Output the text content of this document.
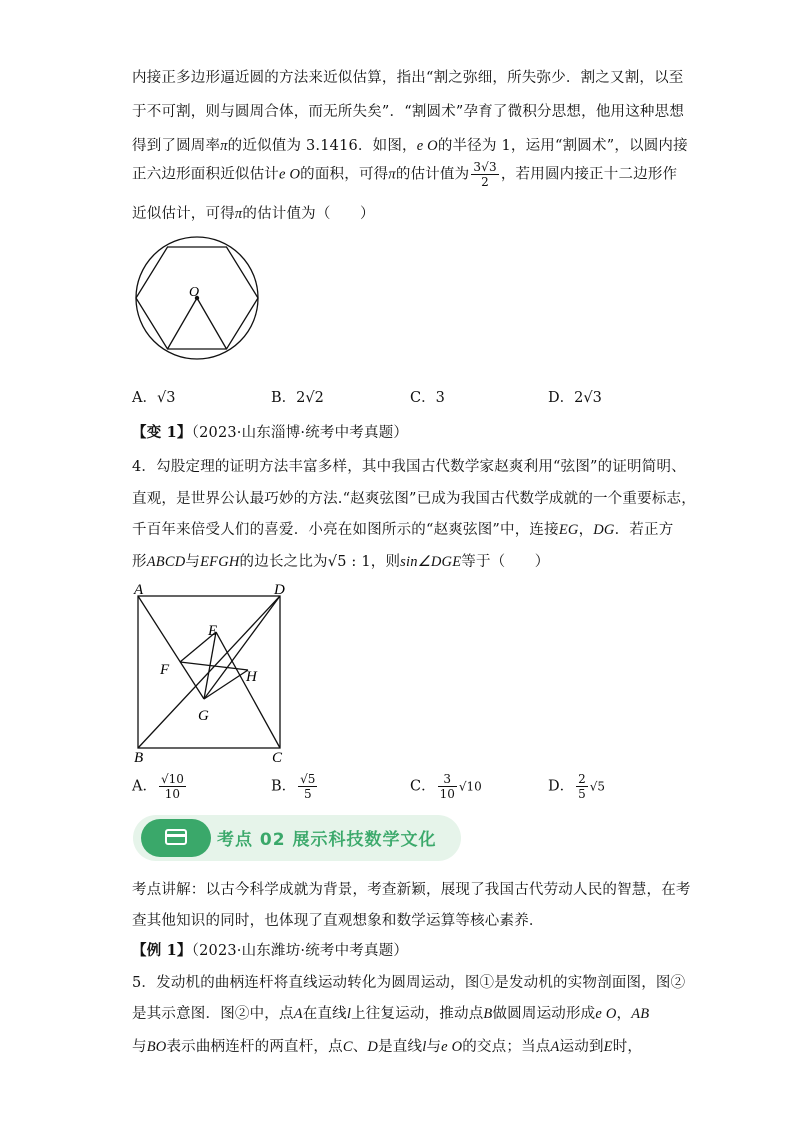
内接正多边形逼近圆的方法来近似估算，指出“割之弥细，所失弥少．割之又割，以至
于不可割，则与圆周合体，而无所失矣”．“割圆术”孕育了微积分思想，他用这种思想
得到了圆周率π的近似值为 3.1416．如图，e O的半径为 1，运用“割圆术”，以圆内接
正六边形面积近似估计e O的面积，可得π的估计值为 $\frac{3√3}{2}$ ，若用圆内接正十二边形作
近似估计，可得π的估计值为（　　）
O
A．√3	B．2√2	C．3	D．2√3
【变 1】（2023·山东淄博·统考中考真题）
4．勾股定理的证明方法丰富多样，其中我国古代数学家赵爽利用“弦图”的证明简明、
直观，是世界公认最巧妙的方法.“赵爽弦图”已成为我国古代数学成就的一个重要标志，
千百年来倍受人们的喜爱．小亮在如图所示的“赵爽弦图”中，连接EG，DG．若正方
形ABCD与EFGH的边长之比为√5 : 1，则sin∠DGE等于（　　）
A	D
B	C
E
F
G
H
A． $\frac{√10}{10}$	B． $\frac{√5}{5}$	C． $\frac{3}{10} √10$	D． $\frac{2}{5} √5$
考点 02 展示科技数学文化
考点讲解：以古今科学成就为背景，考查新颖，展现了我国古代劳动人民的智慧，在考
查其他知识的同时，也体现了直观想象和数学运算等核心素养．
【例 1】（2023·山东潍坊·统考中考真题）
5．发动机的曲柄连杆将直线运动转化为圆周运动，图①是发动机的实物剖面图，图②
是其示意图．图②中，点A在直线l上往复运动，推动点B做圆周运动形成e O，AB
与BO表示曲柄连杆的两直杆，点C、D是直线l与e O的交点；当点A运动到E时，
